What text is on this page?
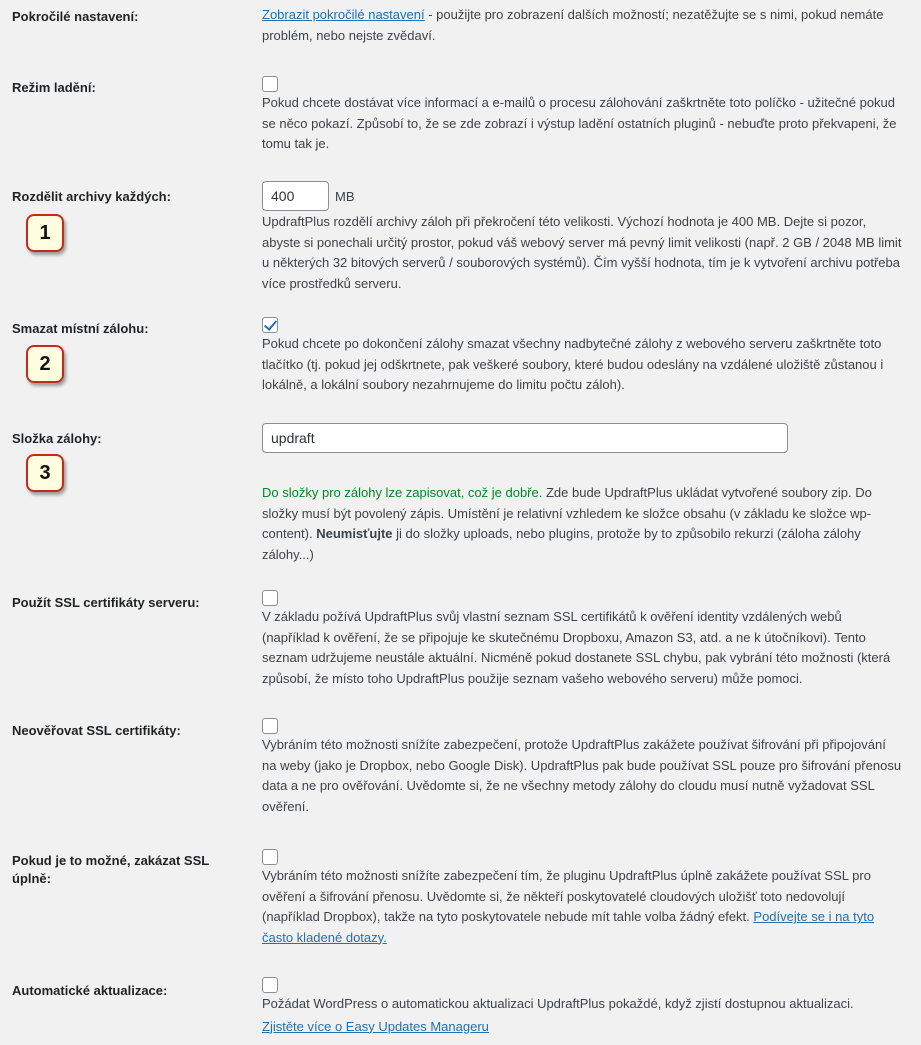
Pokročilé nastavení:	Zobrazit pokročilé nastavení - použijte pro zobrazení dalších možností; nezatěžujte se s nimi, pokud nemáte problém, nebo nejste zvědaví.

Režim ladění:

Pokud chcete dostávat více informací a e-mailů o procesu zálohování zaškrtněte toto políčko - užitečné pokud se něco pokazí. Způsobí to, že se zde zobrazí i výstup ladění ostatních pluginů - nebuďte proto překvapeni, že tomu tak je.

Rozdělit archivy každých:
1
400
MB

UpdraftPlus rozdělí archivy záloh při překročení této velikosti. Výchozí hodnota je 400 MB. Dejte si pozor, abyste si ponechali určitý prostor, pokud váš webový server má pevný limit velikosti (např. 2 GB / 2048 MB limit u některých 32 bitových serverů / souborových systémů). Čím vyšší hodnota, tím je k vytvoření archivu potřeba více prostředků serveru.

Smazat místní zálohu:
2

Pokud chcete po dokončení zálohy smazat všechny nadbytečné zálohy z webového serveru zaškrtněte toto tlačítko (tj. pokud jej odškrtnete, pak veškeré soubory, které budou odeslány na vzdálené uložiště zůstanou i lokálně, a lokální soubory nezahrnujeme do limitu počtu záloh).

Složka zálohy:
3
updraft

Do složky pro zálohy lze zapisovat, což je dobře. Zde bude UpdraftPlus ukládat vytvořené soubory zip. Do složky musí být povolený zápis. Umístění je relativní vzhledem ke složce obsahu (v základu ke složce wp-content). Neumisťujte ji do složky uploads, nebo plugins, protože by to způsobilo rekurzi (záloha zálohy zálohy...)

Použít SSL certifikáty serveru:

V základu požívá UpdraftPlus svůj vlastní seznam SSL certifikátů k ověření identity vzdálených webů (například k ověření, že se připojuje ke skutečnému Dropboxu, Amazon S3, atd. a ne k útočníkovi). Tento seznam udržujeme neustále aktuální. Nicméně pokud dostanete SSL chybu, pak vybrání této možnosti (která způsobí, že místo toho UpdraftPlus použije seznam vašeho webového serveru) může pomoci.

Neověřovat SSL certifikáty:

Vybráním této možnosti snížíte zabezpečení, protože UpdraftPlus zakážete používat šifrování při připojování na weby (jako je Dropbox, nebo Google Disk). UpdraftPlus pak bude používat SSL pouze pro šifrování přenosu data a ne pro ověřování. Uvědomte si, že ne všechny metody zálohy do cloudu musí nutně vyžadovat SSL ověření.

Pokud je to možné, zakázat SSL úplně:	Vybráním této možnosti snížíte zabezpečení tím, že pluginu UpdraftPlus úplně zakážete používat SSL pro ověření a šifrování přenosu. Uvědomte si, že někteří poskytovatelé cloudových uložišť toto nedovolují (například Dropbox), takže na tyto poskytovatele nebude mít tahle volba žádný efekt. Podívejte se i na tyto často kladené dotazy.

Automatické aktualizace:

Požádat WordPress o automatickou aktualizaci UpdraftPlus pokaždé, když zjistí dostupnou aktualizaci.

Zjistěte více o Easy Updates Manageru
